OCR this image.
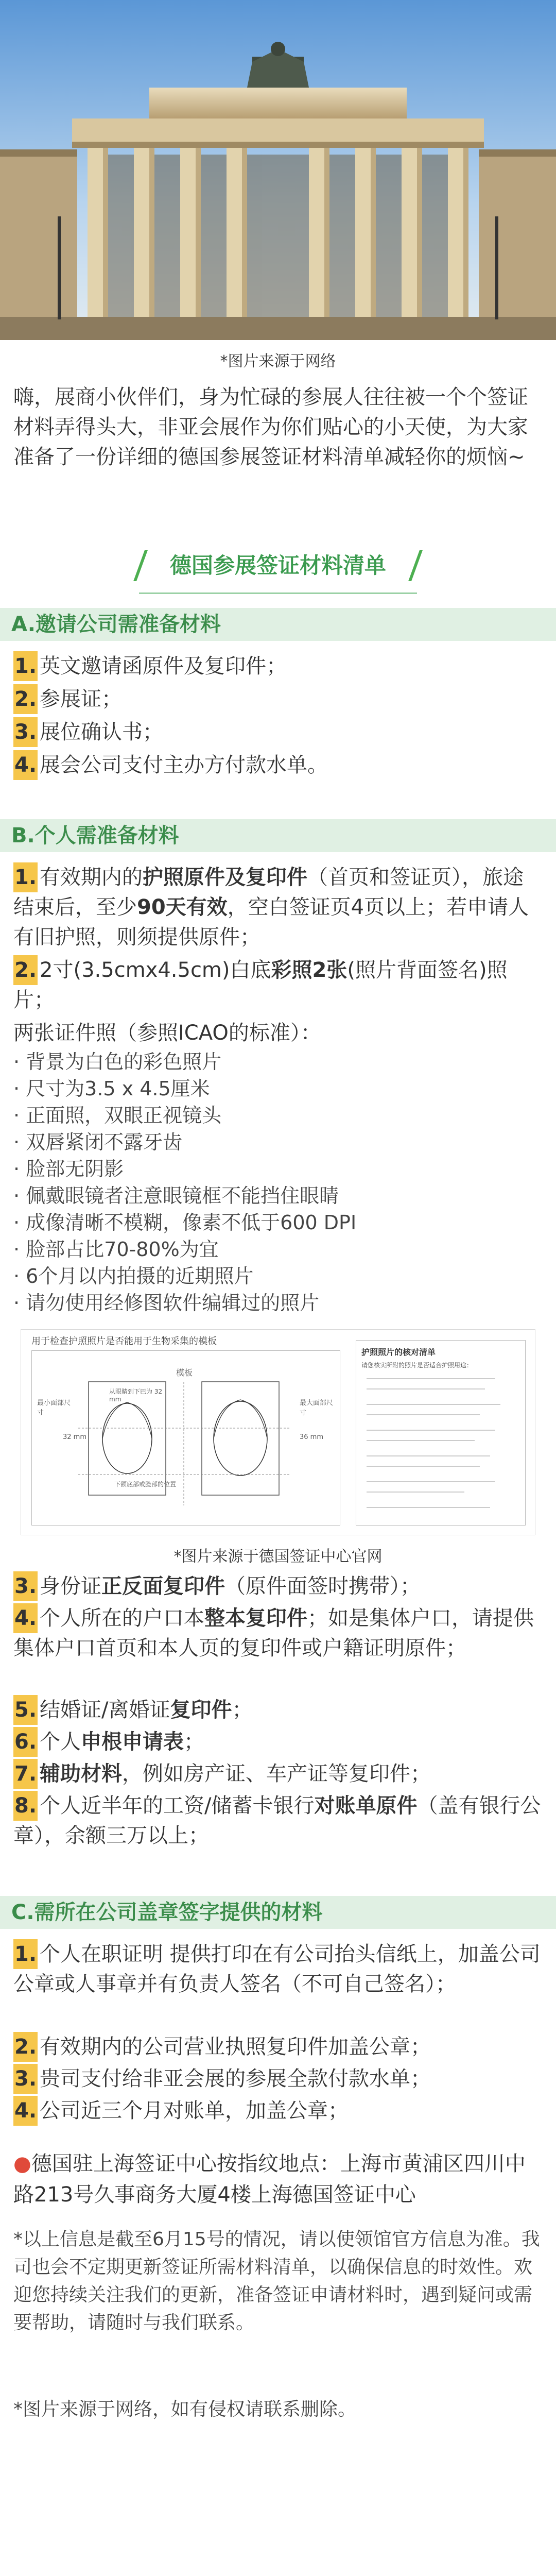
*图片来源于网络
嗨，展商小伙伴们，身为忙碌的参展人往往被一个个签证材料弄得头大，非亚会展作为你们贴心的小天使，为大家准备了一份详细的德国参展签证材料清单减轻你的烦恼~
德国参展签证材料清单
A.邀请公司需准备材料
1. 英文邀请函原件及复印件；
2. 参展证；
3. 展位确认书；
4. 展会公司支付主办方付款水单。
B.个人需准备材料
1. 有效期内的护照原件及复印件（首页和签证页），旅途结束后，至少90天有效，空白签证页4页以上；若申请人有旧护照，则须提供原件；
2. 2寸(3.5cmx4.5cm)白底彩照2张(照片背面签名)照片；
两张证件照（参照ICAO的标准）：
· 背景为白色的彩色照片
· 尺寸为3.5 x 4.5厘米
· 正面照，双眼正视镜头
· 双唇紧闭不露牙齿
· 脸部无阴影
· 佩戴眼镜者注意眼镜框不能挡住眼睛
· 成像清晰不模糊，像素不低于600 DPI
· 脸部占比70-80%为宜
· 6个月以内拍摄的近期照片
· 请勿使用经修图软件编辑过的照片
用于检查护照照片是否能用于生物采集的模板
模板
最小面部尺寸
最大面部尺寸
从眼睛到下巴为 32 mm
下颌底部或脸部的位置
32 mm	36 mm
护照照片的核对清单
请您核实所附的照片是否适合护照用途：
*图片来源于德国签证中心官网
3. 身份证正反面复印件（原件面签时携带）；
4. 个人所在的户口本整本复印件；如是集体户口，请提供集体户口首页和本人页的复印件或户籍证明原件；
5. 结婚证/离婚证复印件；
6. 个人申根申请表；
7. 辅助材料，例如房产证、车产证等复印件；
8. 个人近半年的工资/储蓄卡银行对账单原件（盖有银行公章），余额三万以上；
C.需所在公司盖章签字提供的材料
1. 个人在职证明 提供打印在有公司抬头信纸上，加盖公司公章或人事章并有负责人签名（不可自己签名）；
2. 有效期内的公司营业执照复印件加盖公章；
3. 贵司支付给非亚会展的参展全款付款水单；
4. 公司近三个月对账单，加盖公章；
●德国驻上海签证中心按指纹地点：上海市黄浦区四川中路213号久事商务大厦4楼上海德国签证中心
*以上信息是截至6月15号的情况，请以使领馆官方信息为准。我司也会不定期更新签证所需材料清单，以确保信息的时效性。欢迎您持续关注我们的更新，准备签证申请材料时，遇到疑问或需要帮助，请随时与我们联系。
*图片来源于网络，如有侵权请联系删除。
